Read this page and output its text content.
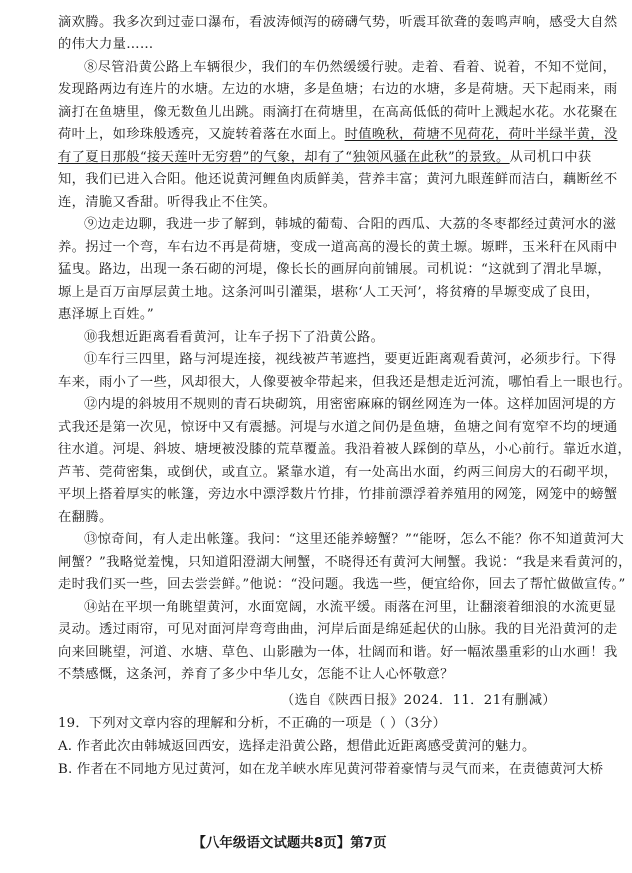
滴欢腾。我多次到过壶口瀑布，看波涛倾泻的磅礴气势，听震耳欲聋的轰鸣声响，感受大自然
的伟大力量……
⑧尽管沿黄公路上车辆很少，我们的车仍然缓缓行驶。走着、看着、说着，不知不觉间，
发现路两边有连片的水塘。左边的水塘，多是鱼塘；右边的水塘，多是荷塘。天下起雨来，雨
滴打在鱼塘里，像无数鱼儿出跳。雨滴打在荷塘里，在高高低低的荷叶上溅起水花。水花聚在
荷叶上，如珍珠般透亮，又旋转着落在水面上。时值晚秋，荷塘不见荷花，荷叶半绿半黄，没
有了夏日那般“接天莲叶无穷碧”的气象，却有了“独领风骚在此秋”的景致。从司机口中获
知，我们已进入合阳。他还说黄河鲤鱼肉质鲜美，营养丰富；黄河九眼莲鲜而洁白，藕断丝不
连，清脆又香甜。听得我止不住笑。
⑨边走边聊，我进一步了解到，韩城的葡萄、合阳的西瓜、大荔的冬枣都经过黄河水的滋
养。拐过一个弯，车右边不再是荷塘，变成一道高高的漫长的黄土塬。塬畔，玉米秆在风雨中
猛曳。路边，出现一条石砌的河堤，像长长的画屏向前铺展。司机说：“这就到了渭北旱塬，
塬上是百万亩厚层黄土地。这条河叫引灌渠，堪称‘人工天河’，将贫瘠的旱塬变成了良田，
惠泽塬上百姓。”
⑩我想近距离看看黄河，让车子拐下了沿黄公路。
⑪车行三四里，路与河堤连接，视线被芦苇遮挡，要更近距离观看黄河，必须步行。下得
车来，雨小了一些，风却很大，人像要被伞带起来，但我还是想走近河流，哪怕看上一眼也行。
⑫内堤的斜坡用不规则的青石块砌筑，用密密麻麻的钢丝网连为一体。这样加固河堤的方
式我还是第一次见，惊讶中又有震撼。河堤与水道之间仍是鱼塘，鱼塘之间有宽窄不均的埂通
往水道。河堤、斜坡、塘埂被没膝的荒草覆盖。我沿着被人踩倒的草丛，小心前行。靠近水道，
芦苇、莞荷密集，或倒伏，或直立。紧靠水道，有一处高出水面，约两三间房大的石砌平坝，
平坝上搭着厚实的帐篷，旁边水中漂浮数片竹排，竹排前漂浮着养殖用的网笼，网笼中的螃蟹
在翻腾。
⑬惊奇间，有人走出帐篷。我问：“这里还能养螃蟹？”“能呀，怎么不能？你不知道黄河大
闸蟹？”我略觉羞愧，只知道阳澄湖大闸蟹，不晓得还有黄河大闸蟹。我说：“我是来看黄河的，
走时我们买一些，回去尝尝鲜。”他说：“没问题。我选一些，便宜给你，回去了帮忙做做宣传。”
⑭站在平坝一角眺望黄河，水面宽阔，水流平缓。雨落在河里，让翻滚着细浪的水流更显
灵动。透过雨帘，可见对面河岸弯弯曲曲，河岸后面是绵延起伏的山脉。我的目光沿黄河的走
向来回眺望，河道、水塘、草色、山影融为一体，壮阔而和谐。好一幅浓墨重彩的山水画！我
不禁感慨，这条河，养育了多少中华儿女，怎能不让人心怀敬意？
（选自《陕西日报》2024．11．21有删减）
19．下列对文章内容的理解和分析，不正确的一项是（ ）（3分）
A. 作者此次由韩城返回西安，选择走沿黄公路，想借此近距离感受黄河的魅力。
B. 作者在不同地方见过黄河，如在龙羊峡水库见黄河带着豪情与灵气而来，在责德黄河大桥
【八年级语文试题共8页】第7页
